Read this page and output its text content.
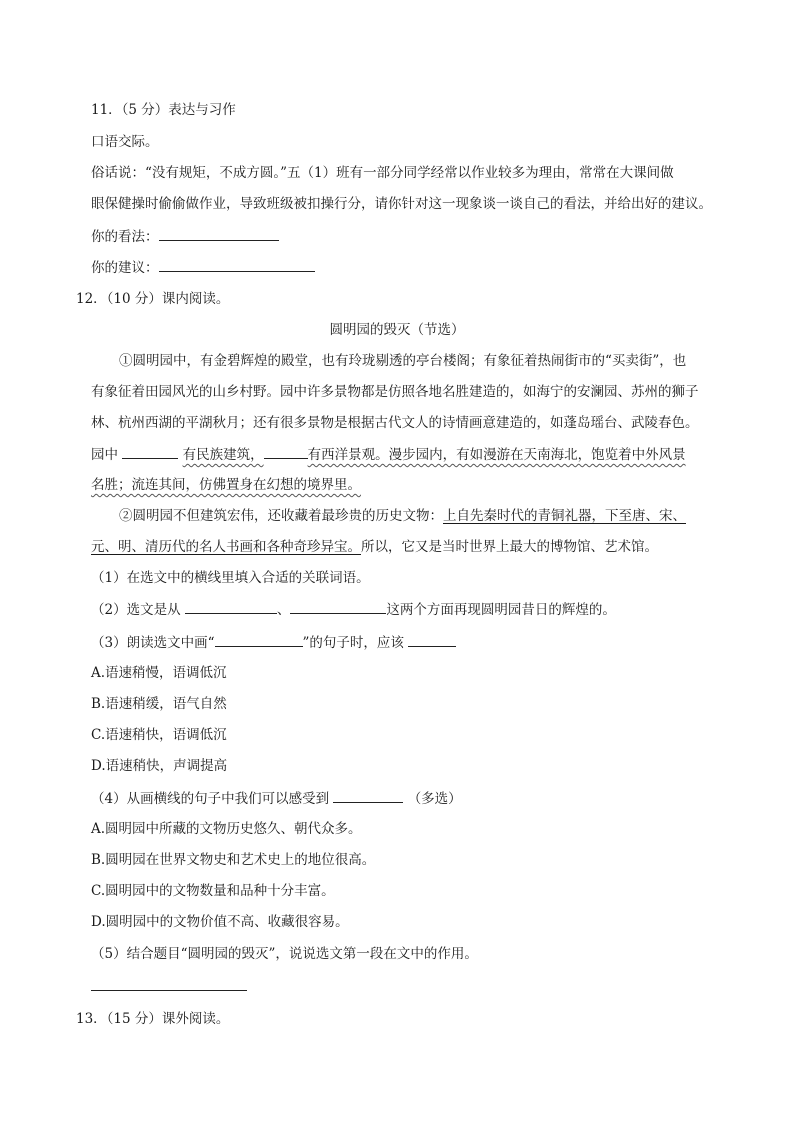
11．（5 分）表达与习作
口语交际。
俗话说：“没有规矩，不成方圆。”五（1）班有一部分同学经常以作业较多为理由，常常在大课间做
眼保健操时偷偷做作业，导致班级被扣操行分，请你针对这一现象谈一谈自己的看法，并给出好的建议。
你的看法：
你的建议：
12．（10 分）课内阅读。
圆明园的毁灭（节选）
①圆明园中，有金碧辉煌的殿堂，也有玲珑剔透的亭台楼阁；有象征着热闹街市的“买卖街”，也
有象征着田园风光的山乡村野。园中许多景物都是仿照各地名胜建造的，如海宁的安澜园、苏州的狮子
林、杭州西湖的平湖秋月；还有很多景物是根据古代文人的诗情画意建造的，如蓬岛瑶台、武陵春色。
园中	有民族建筑，	有西洋景观。漫步园内，有如漫游在天南海北，饱览着中外风景
名胜；流连其间，仿佛置身在幻想的境界里。
②圆明园不但建筑宏伟，还收藏着最珍贵的历史文物：上自先秦时代的青铜礼器，下至唐、宋、
元、明、清历代的名人书画和各种奇珍异宝。所以，它又是当时世界上最大的博物馆、艺术馆。
（1）在选文中的横线里填入合适的关联词语。
（2）选文是从	、	这两个方面再现圆明园昔日的辉煌的。
（3）朗读选文中画“	”的句子时，应该
A.语速稍慢，语调低沉
B.语速稍缓，语气自然
C.语速稍快，语调低沉
D.语速稍快，声调提高
（4）从画横线的句子中我们可以感受到	（多选）
A.圆明园中所藏的文物历史悠久、朝代众多。
B.圆明园在世界文物史和艺术史上的地位很高。
C.圆明园中的文物数量和品种十分丰富。
D.圆明园中的文物价值不高、收藏很容易。
（5）结合题目“圆明园的毁灭”，说说选文第一段在文中的作用。
13．（15 分）课外阅读。
